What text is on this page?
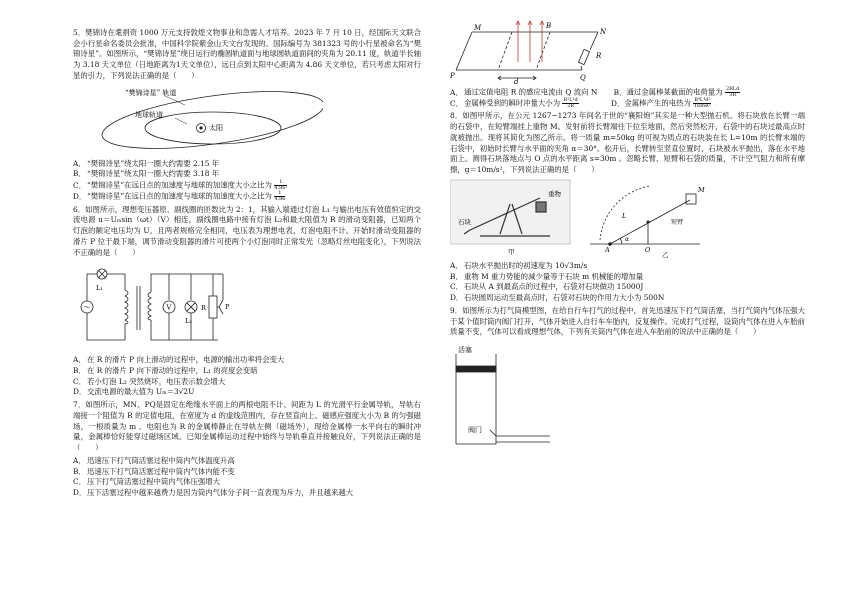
5．樊锦诗在耄捐资 1000 万元支持敦煌文物事业和急需人才培养。2023 年 7 月 10 日，经国际天文联合会小行星命名委员会批准，中国科学院紫金山天文台发现的、国际编号为 381323 号的小行星被命名为“樊锦诗星”。如图所示，“樊锦诗星”绕日运行的椭圆轨道面与地球圆轨道面间的夹角为 20.11 度，轨道半长轴为 3.18 天文单位（日地距离为1天文单位），远日点到太阳中心距离为 4.86 天文单位，若只考虑太阳对行星的引力，下列说法正确的是（　　）

“樊锦诗星” 轨道
地球轨道
太阳

A．“樊锦诗星”绕太阳一圈大约需要 2.15 年

B．“樊锦诗星”绕太阳一圈大约需要 3.18 年

C．“樊锦诗星”在远日点的加速度与地球的加速度大小之比为 $\frac{1}{\text{4.86²}}$

D．“樊锦诗星”在远日点的加速度与地球的加速度大小之比为 $\frac{1}{4.86}$

6．如图所示，理想变压器原、副线圈的匝数比为 2：1，其输入端通过灯泡 L₁ 与输出电压有效值恒定的交流电源 u＝Uₘsin（ωt）（V）相连，副线圈电路中接有灯泡 L₂和最大阻值为 R 的滑动变阻器，已知两个灯泡的额定电压均为 U，且两者规格完全相同，电压表为理想电表，灯泡电阻不计。开始时滑动变阻器的滑片 P 位于最下端，调节滑动变阻器的滑片可使两个小灯泡同时正常发光（忽略灯丝电阻变化），下列说法不正确的是（　　）

～
L₁
V
L₂
R	P

A．在 R 的滑片 P 向上滑动的过程中，电源的输出功率将会变大

B．在 R 的滑片 P 向下滑动的过程中，L₁ 的亮度会变暗

C．若小灯泡 L₂ 突然烧坏，电压表示数会增大

D．交流电源的最大值为 Uₘ＝3√2U

7．如图所示，MN、PQ是固定在绝缘水平面上的两根电阻不计、间距为 L 的光滑平行金属导轨，导轨右端接一个阻值为 R 的定值电阻，在宽度为 d 的虚线范围内，存在竖直向上、磁感应强度大小为 B 的匀强磁场，一根质量为 m 、电阻也为 R 的金属棒静止在导轨左侧（磁场外），现给金属棒一水平向右的瞬时冲量，金属棒恰好能穿过磁场区域。已知金属棒运动过程中始终与导轨垂直并接触良好，下列说法正确的是（　　）

A．迅速压下打气筒活塞过程中筒内气体温度升高

B．迅速压下打气筒活塞过程中筒内气体内能不变

C．压下打气筒活塞过程中筒内气体压强增大

D．压下活塞过程中越来越费力是因为筒内气体分子间一直表现为斥力，并且越来越大

M	N
P	Q
R
B
d

A．通过定值电阻 R 的感应电流由 Q 流向 N B．通过金属棒某截面的电荷量为 $\frac{\text{2BLd}}{3R}$

C．金属棒受到的瞬时冲量大小为 $\frac{\text{B²L²d}}{2R}$	D．金属棒产生的电热为 $\frac{\text{B⁴L⁴d²}}{\text{16mR²}}$

8．如图甲所示，在公元 1267~1273 年间名于世的“襄阳炮”其实是一种大型抛石机。将石块放在长臂一端的石袋中，在短臂端挂上重物 M。发射前将长臂端往下拉至地面，然后突然松开，石袋中的石块过最高点时就被抛出。现将其简化为图乙所示。将一质量 m=50kg 的可视为质点的石块装在长 L=10m 的长臂末端的石袋中，初始时长臂与水平面的夹角 α＝30°。松开后，长臂转至竖直位置时，石块被水平抛出，落在水平地面上。测得石块落地点与 O 点的水平距离 s=30m 。忽略长臂、短臂和石袋的质量，不计空气阻力和所有摩擦，g＝10m/s²，下列说法正确的是（　　）

石块
重物
甲
M
短臂
O
A
L
α
乙

A．石块水平抛出时的初速度为 10√3m/s

B．重物 M 重力势能的减少量等于石块 m 机械能的增加量

C．石块从 A 到最高点的过程中，石袋对石块做功 15000J

D．石块圆周运动至最高点时，石袋对石块的作用力大小为 500N

9．如图所示为打气筒模型图，在给自行车打气的过程中，首先迅速压下打气筒活塞，当打气筒内气体压强大于某个值时筒内阀门打开，气体开始进入自行车车胎内，反复操作。完成打气过程，设筒内气体在进入车胎前质量不变，气体可以看成理想气体，下列有关筒内气体在进入车胎前的说法中正确的是（　　）

活塞
阀门
